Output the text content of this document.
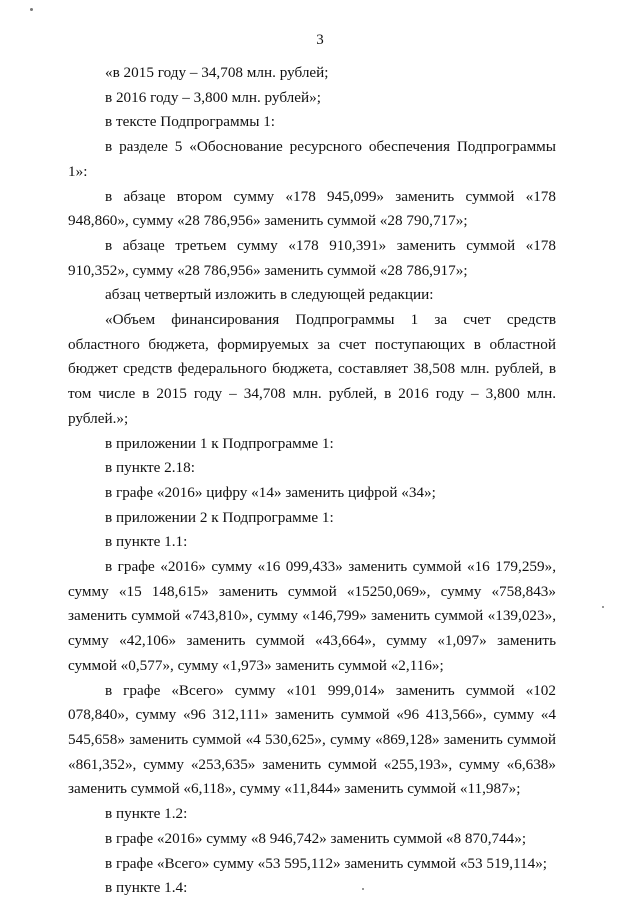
3

«в 2015 году – 34,708 млн. рублей;

в 2016 году – 3,800 млн. рублей»;

в тексте Подпрограммы 1:

в разделе 5 «Обоснование ресурсного обеспечения Подпрограммы 1»:

в абзаце втором сумму «178 945,099» заменить суммой «178 948,860», сумму «28 786,956» заменить суммой «28 790,717»;

в абзаце третьем сумму «178 910,391» заменить суммой «178 910,352», сумму «28 786,956» заменить суммой «28 786,917»;

абзац четвертый изложить в следующей редакции:

«Объем финансирования Подпрограммы 1 за счет средств областного бюджета, формируемых за счет поступающих в областной бюджет средств федерального бюджета, составляет 38,508 млн. рублей, в том числе в 2015 году – 34,708 млн. рублей, в 2016 году – 3,800 млн. рублей.»;

в приложении 1 к Подпрограмме 1:

в пункте 2.18:

в графе «2016» цифру «14» заменить цифрой «34»;

в приложении 2 к Подпрограмме 1:

в пункте 1.1:

в графе «2016» сумму «16 099,433» заменить суммой «16 179,259», сумму «15 148,615» заменить суммой «15250,069», сумму «758,843» заменить суммой «743,810», сумму «146,799» заменить суммой «139,023», сумму «42,106» заменить суммой «43,664», сумму «1,097» заменить суммой «0,577», сумму «1,973» заменить суммой «2,116»;

в графе «Всего» сумму «101 999,014» заменить суммой «102 078,840», сумму «96 312,111» заменить суммой «96 413,566», сумму «4 545,658» заменить суммой «4 530,625», сумму «869,128» заменить суммой «861,352», сумму «253,635» заменить суммой «255,193», сумму «6,638» заменить суммой «6,118», сумму «11,844» заменить суммой «11,987»;

в пункте 1.2:

в графе «2016» сумму «8 946,742» заменить суммой «8 870,744»;

в графе «Всего» сумму «53 595,112» заменить суммой «53 519,114»;

в пункте 1.4:
